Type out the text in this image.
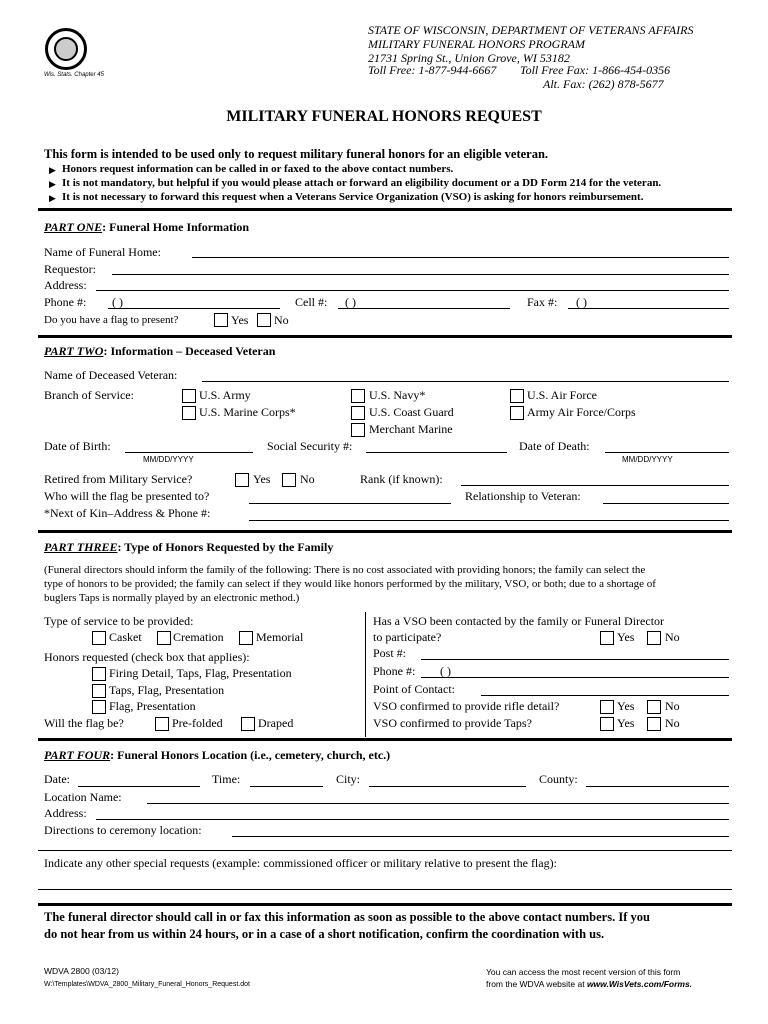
Wis. Stats. Chapter 45
STATE OF WISCONSIN, DEPARTMENT OF VETERANS AFFAIRS
MILITARY FUNERAL HONORS PROGRAM
21731 Spring St., Union Grove, WI 53182
Toll Free: 1-877-944-6667 Toll Free Fax: 1-866-454-0356
Alt. Fax: (262) 878-5677
MILITARY FUNERAL HONORS REQUEST
This form is intended to be used only to request military funeral honors for an eligible veteran.
▶ Honors request information can be called in or faxed to the above contact numbers.
▶ It is not mandatory, but helpful if you would please attach or forward an eligibility document or a DD Form 214 for the veteran.
▶ It is not necessary to forward this request when a Veterans Service Organization (VSO) is asking for honors reimbursement.
PART ONE: Funeral Home Information
Name of Funeral Home:
Requestor:
Address:
Phone #: ( )	Cell #: ( )	Fax #: ( )
Do you have a flag to present?	Yes No
PART TWO: Information – Deceased Veteran
Name of Deceased Veteran:
Branch of Service:	U.S. Army	U.S. Navy*	U.S. Air Force
U.S. Marine Corps*	U.S. Coast Guard	Army Air Force/Corps
Merchant Marine
Date of Birth:
MM/DD/YYYY
Social Security #:	Date of Death:
MM/DD/YYYY
Retired from Military Service?	Yes No	Rank (if known):
Who will the flag be presented to?	Relationship to Veteran:
*Next of Kin–Address & Phone #:
PART THREE: Type of Honors Requested by the Family
(Funeral directors should inform the family of the following: There is no cost associated with providing honors; the family can select the
type of honors to be provided; the family can select if they would like honors performed by the military, VSO, or both; due to a shortage of
buglers Taps is normally played by an electronic method.)
Type of service to be provided:
Casket	Cremation	Memorial
Honors requested (check box that applies):
Firing Detail, Taps, Flag, Presentation
Taps, Flag, Presentation
Flag, Presentation
Will the flag be?	Pre-folded	Draped
Has a VSO been contacted by the family or Funeral Director
to participate?	Yes	No
Post #:
Phone #: ( )
Point of Contact:
VSO confirmed to provide rifle detail?	Yes	No
VSO confirmed to provide Taps?	Yes	No
PART FOUR: Funeral Honors Location (i.e., cemetery, church, etc.)
Date:	Time:	City:	County:
Location Name:
Address:
Directions to ceremony location:
Indicate any other special requests (example: commissioned officer or military relative to present the flag):
The funeral director should call in or fax this information as soon as possible to the above contact numbers. If you
do not hear from us within 24 hours, or in a case of a short notification, confirm the coordination with us.
WDVA 2800 (03/12)
W:\Templates\WDVA_2800_Military_Funeral_Honors_Request.dot
You can access the most recent version of this form
from the WDVA website at www.WisVets.com/Forms.
